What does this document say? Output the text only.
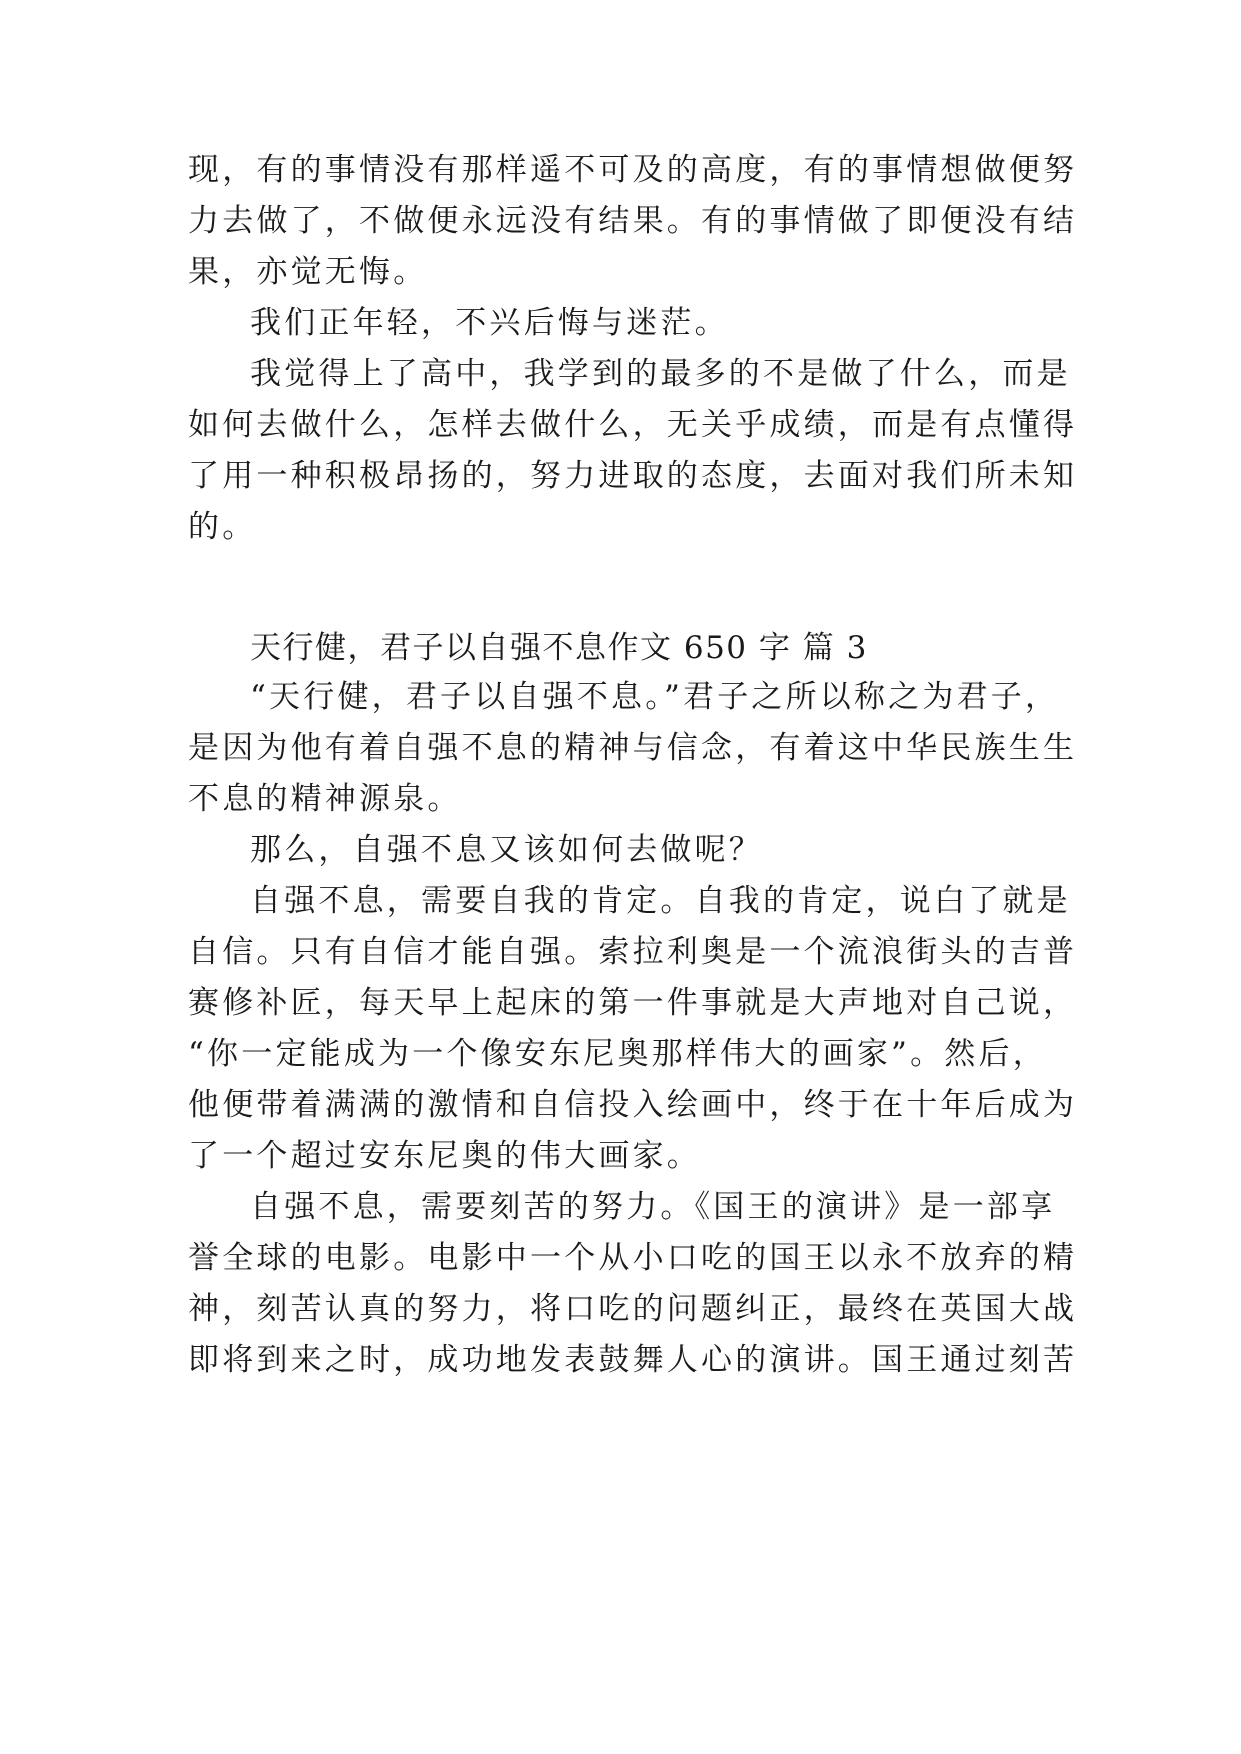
现，有的事情没有那样遥不可及的高度，有的事情想做便努
力去做了，不做便永远没有结果。有的事情做了即便没有结
果，亦觉无悔。
我们正年轻，不兴后悔与迷茫。
我觉得上了高中，我学到的最多的不是做了什么，而是
如何去做什么，怎样去做什么，无关乎成绩，而是有点懂得
了用一种积极昂扬的，努力进取的态度，去面对我们所未知
的。
天行健，君子以自强不息作文 650 字 篇 3
“天行健，君子以自强不息。”君子之所以称之为君子，
是因为他有着自强不息的精神与信念，有着这中华民族生生
不息的精神源泉。
那么，自强不息又该如何去做呢？
自强不息，需要自我的肯定。自我的肯定，说白了就是
自信。只有自信才能自强。索拉利奥是一个流浪街头的吉普
赛修补匠，每天早上起床的第一件事就是大声地对自己说，
“你一定能成为一个像安东尼奥那样伟大的画家”。然后，
他便带着满满的激情和自信投入绘画中，终于在十年后成为
了一个超过安东尼奥的伟大画家。
自强不息，需要刻苦的努力。《国王的演讲》是一部享
誉全球的电影。电影中一个从小口吃的国王以永不放弃的精
神，刻苦认真的努力，将口吃的问题纠正，最终在英国大战
即将到来之时，成功地发表鼓舞人心的演讲。国王通过刻苦
